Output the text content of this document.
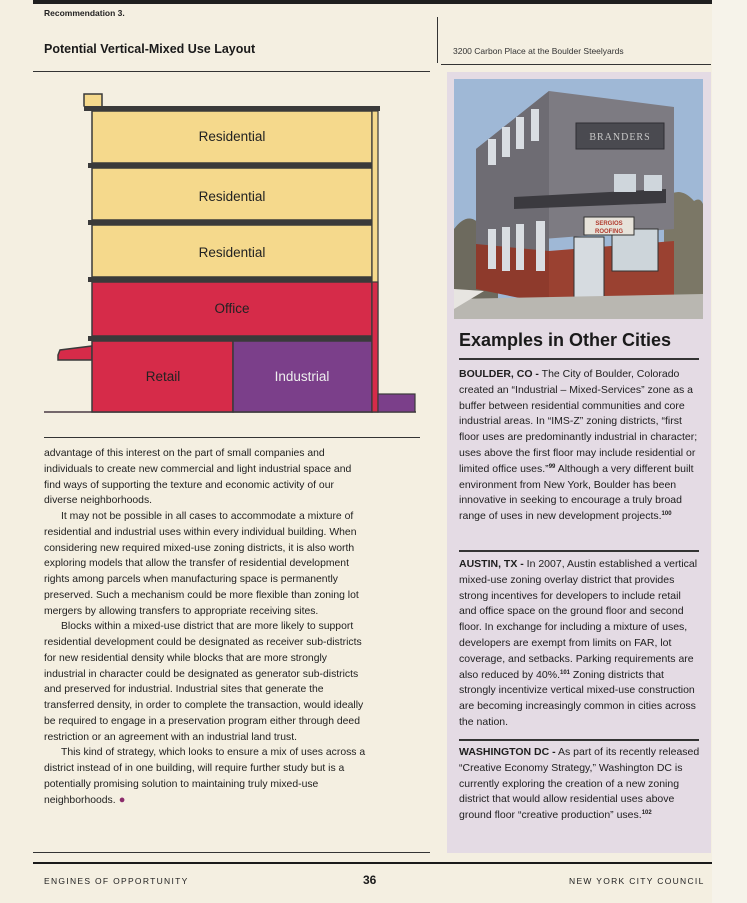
Recommendation 3.
Potential Vertical-Mixed Use Layout	3200 Carbon Place at the Boulder Steelyards
Residential
Residential
Residential
Office
Retail	Industrial

advantage of this interest on the part of small companies and individuals to create new commercial and light industrial space and find ways of supporting the texture and economic activity of our diverse neighborhoods.

It may not be possible in all cases to accommodate a mixture of residential and industrial uses within every individual building. When considering new required mixed-use zoning districts, it is also worth exploring models that allow the transfer of residential development rights among parcels when manufacturing space is permanently preserved. Such a mechanism could be more flexible than zoning lot mergers by allowing transfers to appropriate receiving sites.

Blocks within a mixed-use district that are more likely to support residential development could be designated as receiver sub-districts for new residential density while blocks that are more strongly industrial in character could be designated as generator sub-districts and preserved for industrial. Industrial sites that generate the transferred density, in order to complete the transaction, would ideally be required to engage in a preservation program either through deed restriction or an agreement with an industrial land trust.

This kind of strategy, which looks to ensure a mix of uses across a district instead of in one building, will require further study but is a potentially promising solution to maintaining truly mixed-use neighborhoods. ●

BRANDERS
SERGIOS
ROOFING
Examples in Other Cities
BOULDER, CO - The City of Boulder, Colorado created an “Industrial – Mixed-Services” zone as a buffer between residential communities and core industrial areas. In “IMS-Z” zoning districts, “first floor uses are predominantly industrial in character; uses above the first floor may include residential or limited office uses.”$^{99}$ Although a very different built environment from New York, Boulder has been innovative in seeking to encourage a truly broad range of uses in new development projects.$^{100}$
AUSTIN, TX - In 2007, Austin established a vertical mixed-use zoning overlay district that provides strong incentives for developers to include retail and office space on the ground floor and second floor. In exchange for including a mixture of uses, developers are exempt from limits on FAR, lot coverage, and setbacks. Parking requirements are also reduced by 40%.$^{101}$ Zoning districts that strongly incentivize vertical mixed-use construction are becoming increasingly common in cities across the nation.
WASHINGTON DC - As part of its recently released “Creative Economy Strategy,” Washington DC is currently exploring the creation of a new zoning district that would allow residential uses above ground floor “creative production” uses.$^{102}$
ENGINES OF OPPORTUNITY	36	NEW YORK CITY COUNCIL
